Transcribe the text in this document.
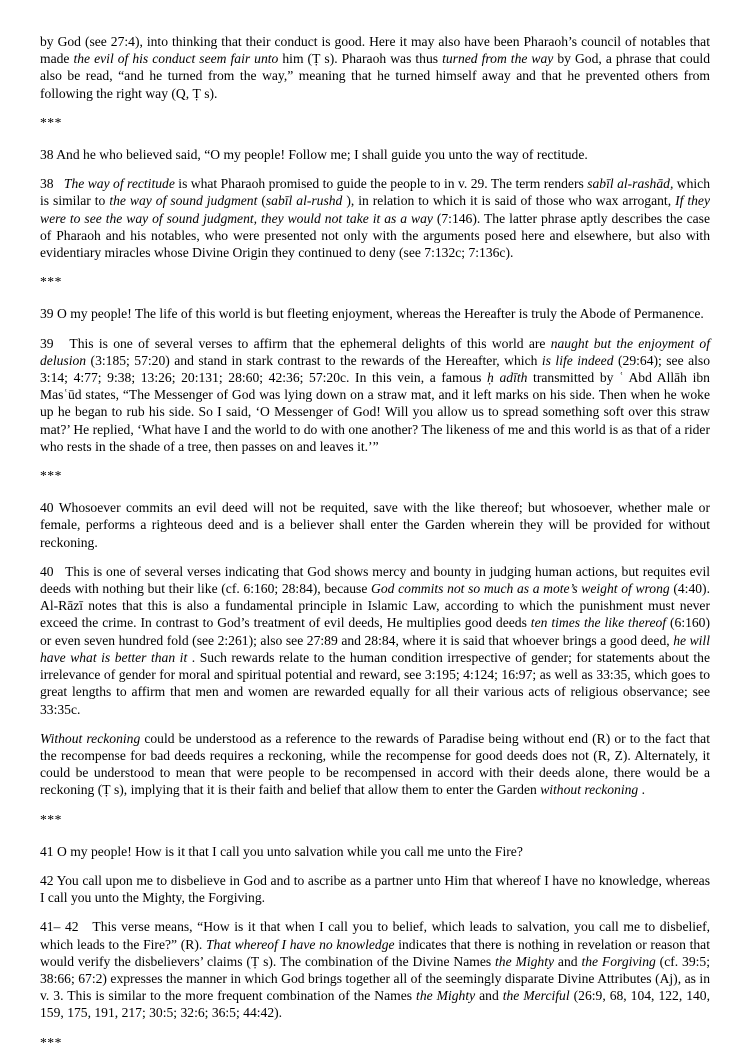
by God (see 27:4), into thinking that their conduct is good. Here it may also have been Pharaoh’s council of notables that made the evil of his conduct seem fair unto him (Ṭ s). Pharaoh was thus turned from the way by God, a phrase that could also be read, “and he turned from the way,” meaning that he turned himself away and that he prevented others from following the right way (Q, Ṭ s).

***

38 And he who believed said, “O my people! Follow me; I shall guide you unto the way of rectitude.

38   The way of rectitude is what Pharaoh promised to guide the people to in v. 29. The term renders sabīl al-rashād, which is similar to the way of sound judgment (sabīl al-rushd ), in relation to which it is said of those who wax arrogant, If they were to see the way of sound judgment, they would not take it as a way (7:146). The latter phrase aptly describes the case of Pharaoh and his notables, who were presented not only with the arguments posed here and elsewhere, but also with evidentiary miracles whose Divine Origin they continued to deny (see 7:132c; 7:136c).

***

39 O my people! The life of this world is but fleeting enjoyment, whereas the Hereafter is truly the Abode of Permanence.

39   This is one of several verses to affirm that the ephemeral delights of this world are naught but the enjoyment of delusion (3:185; 57:20) and stand in stark contrast to the rewards of the Hereafter, which is life indeed (29:64); see also 3:14; 4:77; 9:38; 13:26; 20:131; 28:60; 42:36; 57:20c. In this vein, a famous ḥ adīth transmitted by ʿ Abd Allāh ibn Masʿūd states, “The Messenger of God was lying down on a straw mat, and it left marks on his side. Then when he woke up he began to rub his side. So I said, ‘O Messenger of God! Will you allow us to spread something soft over this straw mat?’ He replied, ‘What have I and the world to do with one another? The likeness of me and this world is as that of a rider who rests in the shade of a tree, then passes on and leaves it.’”

***

40 Whosoever commits an evil deed will not be requited, save with the like thereof; but whosoever, whether male or female, performs a righteous deed and is a believer shall enter the Garden wherein they will be provided for without reckoning.

40   This is one of several verses indicating that God shows mercy and bounty in judging human actions, but requites evil deeds with nothing but their like (cf. 6:160; 28:84), because God commits not so much as a mote’s weight of wrong (4:40). Al-Rāzī notes that this is also a fundamental principle in Islamic Law, according to which the punishment must never exceed the crime. In contrast to God’s treatment of evil deeds, He multiplies good deeds ten times the like thereof (6:160) or even seven hundred fold (see 2:261); also see 27:89 and 28:84, where it is said that whoever brings a good deed, he will have what is better than it . Such rewards relate to the human condition irrespective of gender; for statements about the irrelevance of gender for moral and spiritual potential and reward, see 3:195; 4:124; 16:97; as well as 33:35, which goes to great lengths to affirm that men and women are rewarded equally for all their various acts of religious observance; see 33:35c.

Without reckoning could be understood as a reference to the rewards of Paradise being without end (R) or to the fact that the recompense for bad deeds requires a reckoning, while the recompense for good deeds does not (R, Z). Alternately, it could be understood to mean that were people to be recompensed in accord with their deeds alone, there would be a reckoning (Ṭ s), implying that it is their faith and belief that allow them to enter the Garden without reckoning .

***

41 O my people! How is it that I call you unto salvation while you call me unto the Fire?

42 You call upon me to disbelieve in God and to ascribe as a partner unto Him that whereof I have no knowledge, whereas I call you unto the Mighty, the Forgiving.

41– 42   This verse means, “How is it that when I call you to belief, which leads to salvation, you call me to disbelief, which leads to the Fire?” (R). That whereof I have no knowledge indicates that there is nothing in revelation or reason that would verify the disbelievers’ claims (Ṭ s). The combination of the Divine Names the Mighty and the Forgiving (cf. 39:5; 38:66; 67:2) expresses the manner in which God brings together all of the seemingly disparate Divine Attributes (Aj), as in v. 3. This is similar to the more frequent combination of the Names the Mighty and the Merciful (26:9, 68, 104, 122, 140, 159, 175, 191, 217; 30:5; 32:6; 36:5; 44:42).

***
